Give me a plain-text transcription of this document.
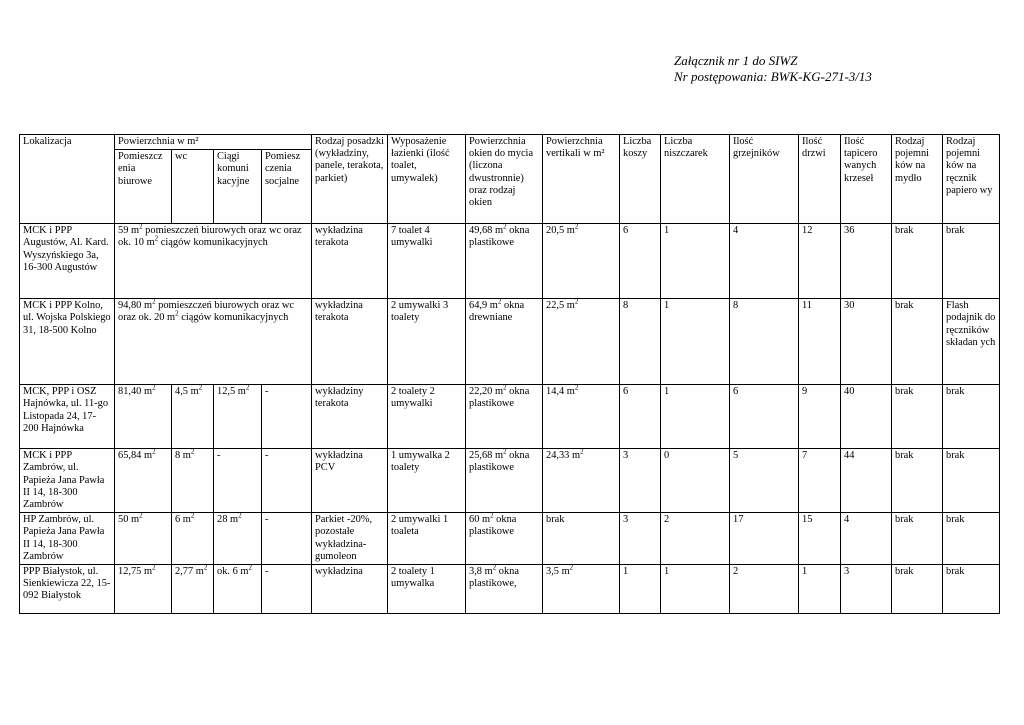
Załącznik nr 1 do SIWZ
Nr postępowania: BWK-KG-271-3/13
Lokalizacja	Powierzchnia w m²				Rodzaj posadzki (wykładziny, panele, terakota, parkiet)	Wyposażenie łazienki (ilość toalet, umywalek)	Powierzchnia okien do mycia (liczona dwustronnie) oraz rodzaj okien	Powierzchnia vertikali w m²	Liczba koszy	Liczba niszczarek	Ilość grzejników	Ilość drzwi	Ilość tapicero wanych krzeseł	Rodzaj pojemni ków na mydło	Rodzaj pojemni ków na ręcznik papiero wy
	Pomieszcz enia biurowe	wc	Ciągi komuni kacyjne	Pomiesz czenia socjalne											
MCK i PPP Augustów, Al. Kard. Wyszyńskiego 3a, 16-300 Augustów	59 $m^2$ pomieszczeń biurowych oraz wc oraz ok. 10 $m^2$ ciągów komunikacyjnych				wykładzina terakota	7 toalet 4 umywalki	49,68 $m^2$ okna plastikowe	20,5 $m^2$	6	1	4	12	36	brak	brak
MCK i PPP Kolno, ul. Wojska Polskiego 31, 18-500 Kolno	94,80 $m^2$ pomieszczeń biurowych oraz wc oraz ok. 20 $m^2$ ciągów komunikacyjnych				wykładzina terakota	2 umywalki 3 toalety	64,9 $m^2$ okna drewniane	22,5 $m^2$	8	1	8	11	30	brak	Flash podajnik do ręczników składan ych
MCK, PPP i OSZ Hajnówka, ul. 11-go Listopada 24, 17-200 Hajnówka	81,40 $m^2$	4,5 $m^2$	12,5 $m^2$	-	wykładziny terakota	2 toalety 2 umywalki	22,20 $m^2$ okna plastikowe	14,4 $m^2$	6	1	6	9	40	brak	brak
MCK i PPP Zambrów, ul. Papieża Jana Pawła II 14, 18-300 Zambrów	65,84 $m^2$	8 $m^2$	-	-	wykładzina PCV	1 umywalka 2 toalety	25,68 $m^2$ okna plastikowe	24,33 $m^2$	3	0	5	7	44	brak	brak
HP Zambrów, ul. Papieża Jana Pawła II 14, 18-300 Zambrów	50 $m^2$	6 $m^2$	28 $m^2$	-	Parkiet -20%, pozostałe wykładzina-gumoleon	2 umywalki 1 toaleta	60 $m^2$ okna plastikowe	brak	3	2	17	15	4	brak	brak
PPP Białystok, ul. Sienkiewicza 22, 15-092 Białystok	12,75 $m^2$	2,77 $m^2$	ok. 6 $m^2$	-	wykładzina	2 toalety 1 umywalka	3,8 $m^2$ okna plastikowe,	3,5 $m^2$	1	1	2	1	3	brak	brak
